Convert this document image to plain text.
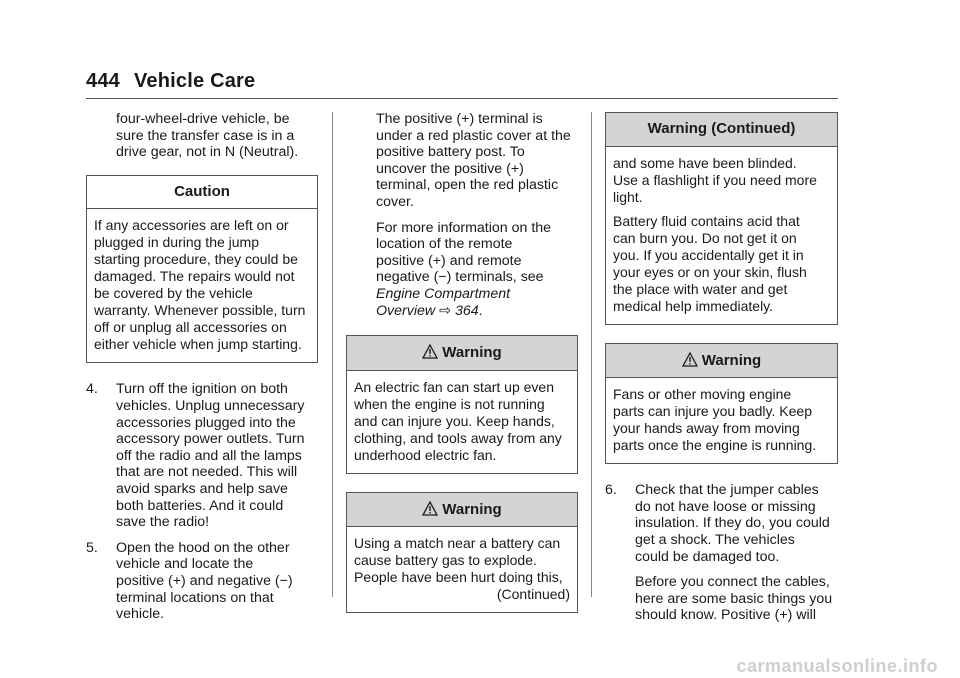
444 Vehicle Care

four-wheel-drive vehicle, be
sure the transfer case is in a
drive gear, not in N (Neutral).

Caution
If any accessories are left on or
plugged in during the jump
starting procedure, they could be
damaged. The repairs would not
be covered by the vehicle
warranty. Whenever possible, turn
off or unplug all accessories on
either vehicle when jump starting.

4. Turn off the ignition on both
vehicles. Unplug unnecessary
accessories plugged into the
accessory power outlets. Turn
off the radio and all the lamps
that are not needed. This will
avoid sparks and help save
both batteries. And it could
save the radio!

5. Open the hood on the other
vehicle and locate the
positive (+) and negative (−)
terminal locations on that
vehicle.

The positive (+) terminal is
under a red plastic cover at the
positive battery post. To
uncover the positive (+)
terminal, open the red plastic
cover.

For more information on the
location of the remote
positive (+) and remote
negative (−) terminals, see
Engine Compartment
Overview ⇨ 364.

Warning
An electric fan can start up even
when the engine is not running
and can injure you. Keep hands,
clothing, and tools away from any
underhood electric fan.
Warning
Using a match near a battery can
cause battery gas to explode.
People have been hurt doing this,
(Continued)
Warning (Continued)

and some have been blinded.
Use a flashlight if you need more
light.

Battery fluid contains acid that
can burn you. Do not get it on
you. If you accidentally get it in
your eyes or on your skin, flush
the place with water and get
medical help immediately.

Warning
Fans or other moving engine
parts can injure you badly. Keep
your hands away from moving
parts once the engine is running.

6. Check that the jumper cables
do not have loose or missing
insulation. If they do, you could
get a shock. The vehicles
could be damaged too.

Before you connect the cables,
here are some basic things you
should know. Positive (+) will

carmanualsonline.info
